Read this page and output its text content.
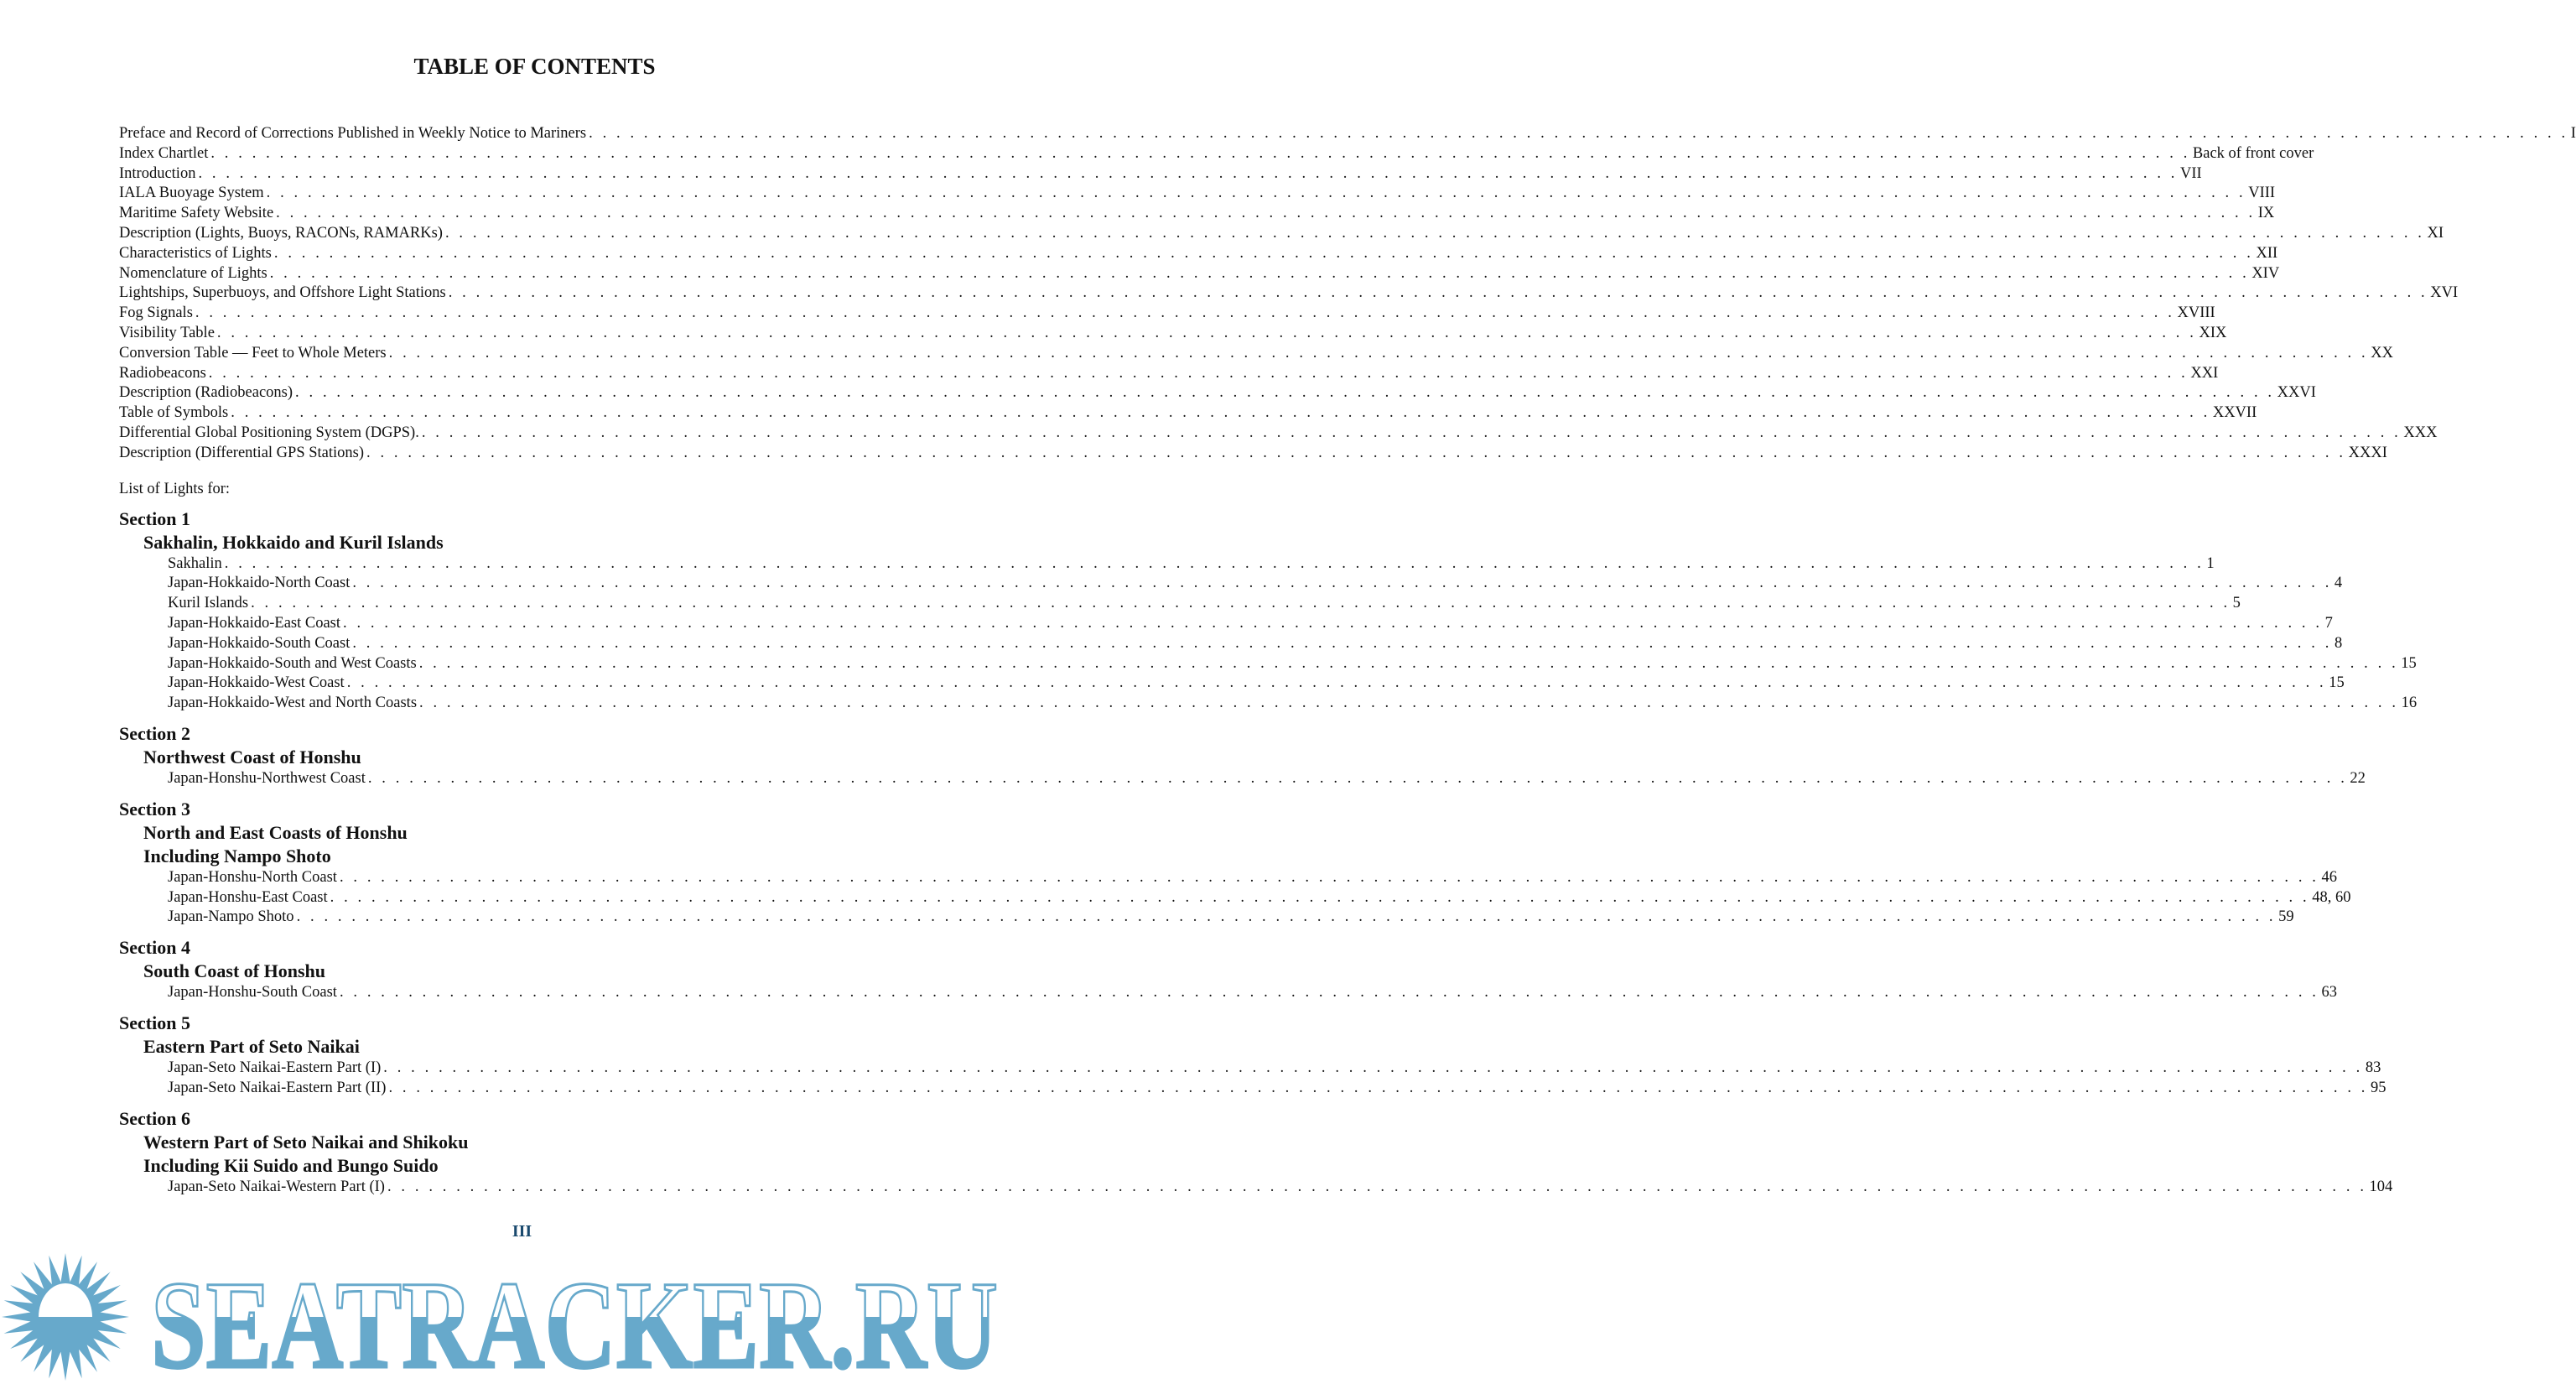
TABLE OF CONTENTS
Preface and Record of Corrections Published in Weekly Notice to Mariners . . .	I
Index Chartlet . . .	Back of front cover
Introduction . . .	VII
IALA Buoyage System . . .	VIII
Maritime Safety Website . . .	IX
Description (Lights, Buoys, RACONs, RAMARKs) . . .	XI
Characteristics of Lights . . .	XII
Nomenclature of Lights . . .	XIV
Lightships, Superbuoys, and Offshore Light Stations . . .	XVI
Fog Signals . . .	XVIII
Visibility Table . . .	XIX
Conversion Table — Feet to Whole Meters . . .	XX
Radiobeacons . . .	XXI
Description (Radiobeacons) . . .	XXVI
Table of Symbols . . .	XXVII
Differential Global Positioning System (DGPS). . . .	XXX
Description (Differential GPS Stations) . . .	XXXI
List of Lights for:
Section 1
Sakhalin, Hokkaido and Kuril Islands
Sakhalin . . .	1
Japan-Hokkaido-North Coast . . .	4
Kuril Islands . . .	5
Japan-Hokkaido-East Coast . . .	7
Japan-Hokkaido-South Coast . . .	8
Japan-Hokkaido-South and West Coasts . . .	15
Japan-Hokkaido-West Coast . . .	15
Japan-Hokkaido-West and North Coasts . . .	16
Section 2
Northwest Coast of Honshu
Japan-Honshu-Northwest Coast . . .	22
Section 3
North and East Coasts of Honshu
Including Nampo Shoto
Japan-Honshu-North Coast . . .	46
Japan-Honshu-East Coast . . .	48, 60
Japan-Nampo Shoto . . .	59
Section 4
South Coast of Honshu
Japan-Honshu-South Coast . . .	63
Section 5
Eastern Part of Seto Naikai
Japan-Seto Naikai-Eastern Part (I) . . .	83
Japan-Seto Naikai-Eastern Part (II) . . .	95
Section 6
Western Part of Seto Naikai and Shikoku
Including Kii Suido and Bungo Suido
Japan-Seto Naikai-Western Part (I) . . .	104
III
SEATRACKER.RU
